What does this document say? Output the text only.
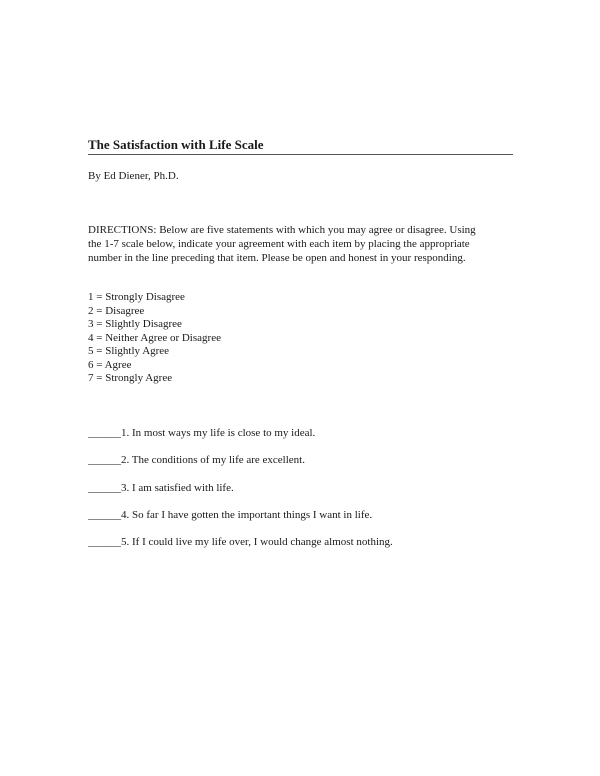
The Satisfaction with Life Scale

By Ed Diener, Ph.D.

DIRECTIONS: Below are five statements with which you may agree or disagree. Using
the 1-7 scale below, indicate your agreement with each item by placing the appropriate
number in the line preceding that item. Please be open and honest in your responding.

1 = Strongly Disagree
2 = Disagree
3 = Slightly Disagree
4 = Neither Agree or Disagree
5 = Slightly Agree
6 = Agree
7 = Strongly Agree
______1. In most ways my life is close to my ideal.
______2. The conditions of my life are excellent.
______3. I am satisfied with life.
______4. So far I have gotten the important things I want in life.
______5. If I could live my life over, I would change almost nothing.
